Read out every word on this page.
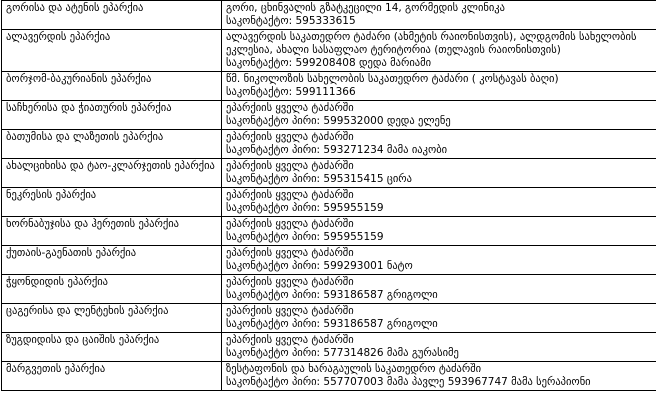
გორისა და ატენის ეპარქია	გორი, ცხინვალის გზატკეცილი 14, გორმედის კლინიკა
საკონტაქტო: 595333615

ალავერდის ეპარქია	ალავერდის საკათედრო ტაძარი (ახმეტის რაიონისთვის), ალდგომის სახელობის
ეკლესია, ახალი სასაფლაო ტერიტორია (თელავის რაიონისთვის)
საკონტაქტო: 599208408 დედა მარიამი

ბორჯომ-ბაკურიანის ეპარქია	წმ. ნიკოლოზის სახელობის საკათედრო ტაძარი ( კოსტავას ბაღი)
საკონტაქტო: 599111366

საჩხერისა და ჭიათურის ეპარქია	ეპარქიის ყველა ტაძარში
საკონტაქტო პირი: 599532000 დედა ელენე

ბათუმისა და ლაზეთის ეპარქია	ეპარქიის ყველა ტაძარში
საკონტაქტო პირი: 593271234 მამა იაკობი

ახალციხისა და ტაო-კლარჯეთის ეპარქია	ეპარქიის ყველა ტაძარში
საკონტაქტო პირი: 595315415 ცირა

ნეკრესის ეპარქია	ეპარქიის ყველა ტაძარში
საკონტაქტო პირი: 595955159

ხორნაბუჯისა და ჰერეთის ეპარქია	ეპარქიის ყველა ტაძარში
საკონტაქტო პირი: 595955159

ქუთაის-გაენათის ეპარქია	ეპარქიის ყველა ტაძარში
საკონტაქტო პირი: 599293001 ნატო

ჭყონდიდის ეპარქია	ეპარქიის ყველა ტაძარში
საკონტაქტო პირი: 593186587 გრიგოლი

ცაგერისა და ლენტეხის ეპარქია	ეპარქიის ყველა ტაძარში
საკონტაქტო პირი: 593186587 გრიგოლი

ზუგდიდისა და ცაიშის ეპარქია	ეპარქიის ყველა ტაძარში
საკონტაქტო პირი: 577314826 მამა გურასიმე

მარგვეთის ეპარქია	ზესტაფონის და ხარაგაულის საკათედრო ტაძარში
საკონტაქტო პირი: 557707003 მამა პავლე 593967747 მამა სერაპიონი
